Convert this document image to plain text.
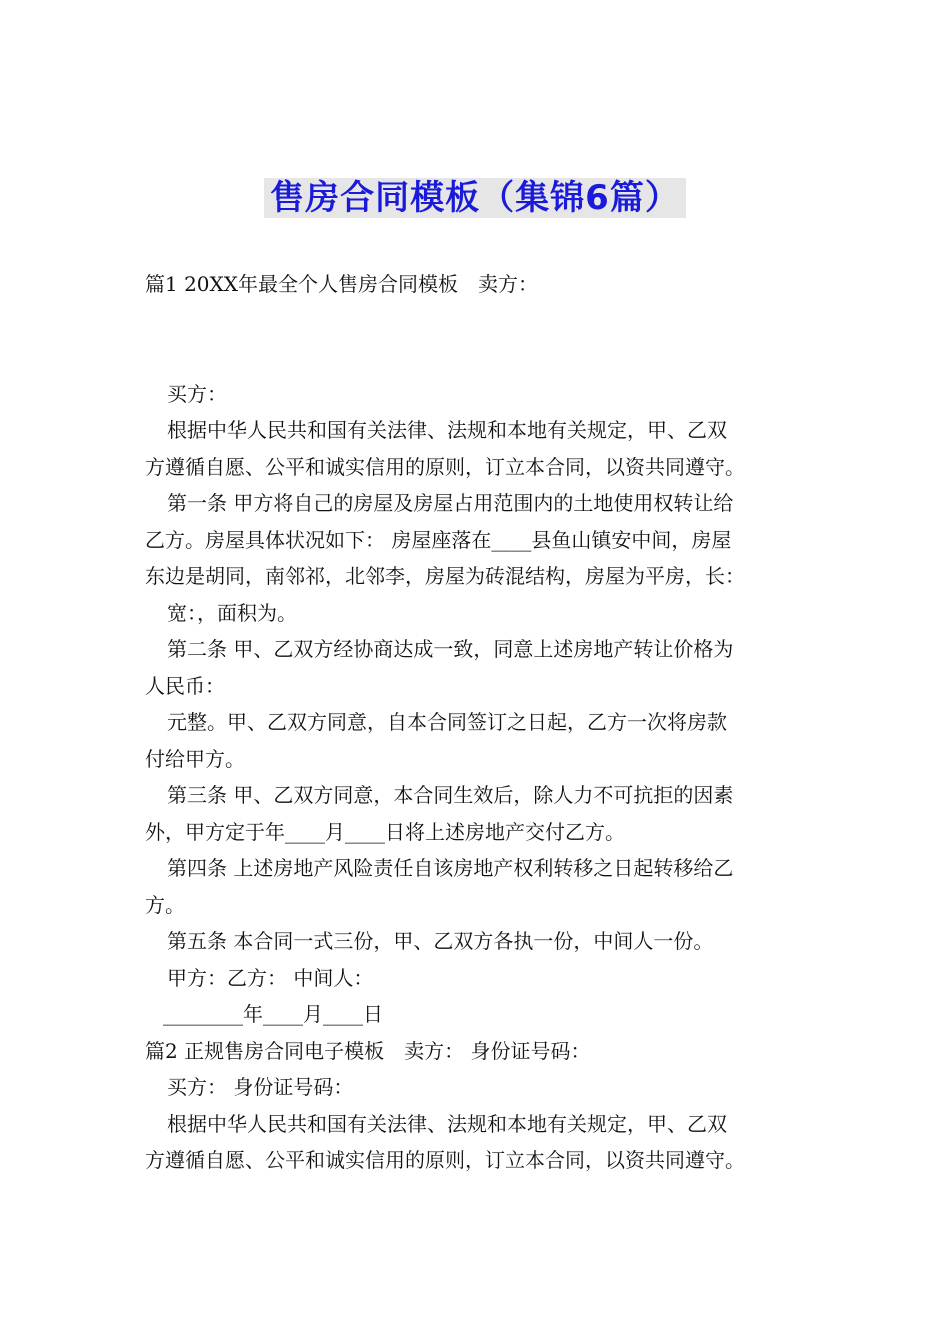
售房合同模板（集锦6篇）
篇1 20XX年最全个人售房合同模板　卖方：
买方：
根据中华人民共和国有关法律、法规和本地有关规定，甲、乙双
方遵循自愿、公平和诚实信用的原则，订立本合同，以资共同遵守。
第一条 甲方将自己的房屋及房屋占用范围内的土地使用权转让给
乙方。房屋具体状况如下： 房屋座落在____县鱼山镇安中间，房屋
东边是胡同，南邻祁，北邻李，房屋为砖混结构，房屋为平房，长：
宽：，面积为。
第二条 甲、乙双方经协商达成一致，同意上述房地产转让价格为
人民币：
元整。甲、乙双方同意，自本合同签订之日起，乙方一次将房款
付给甲方。
第三条 甲、乙双方同意，本合同生效后，除人力不可抗拒的因素
外，甲方定于年____月____日将上述房地产交付乙方。
第四条 上述房地产风险责任自该房地产权利转移之日起转移给乙
方。
第五条 本合同一式三份，甲、乙双方各执一份，中间人一份。
甲方：乙方： 中间人：
________年____月____日
篇2 正规售房合同电子模板　卖方： 身份证号码：
买方： 身份证号码：
根据中华人民共和国有关法律、法规和本地有关规定，甲、乙双
方遵循自愿、公平和诚实信用的原则，订立本合同，以资共同遵守。
